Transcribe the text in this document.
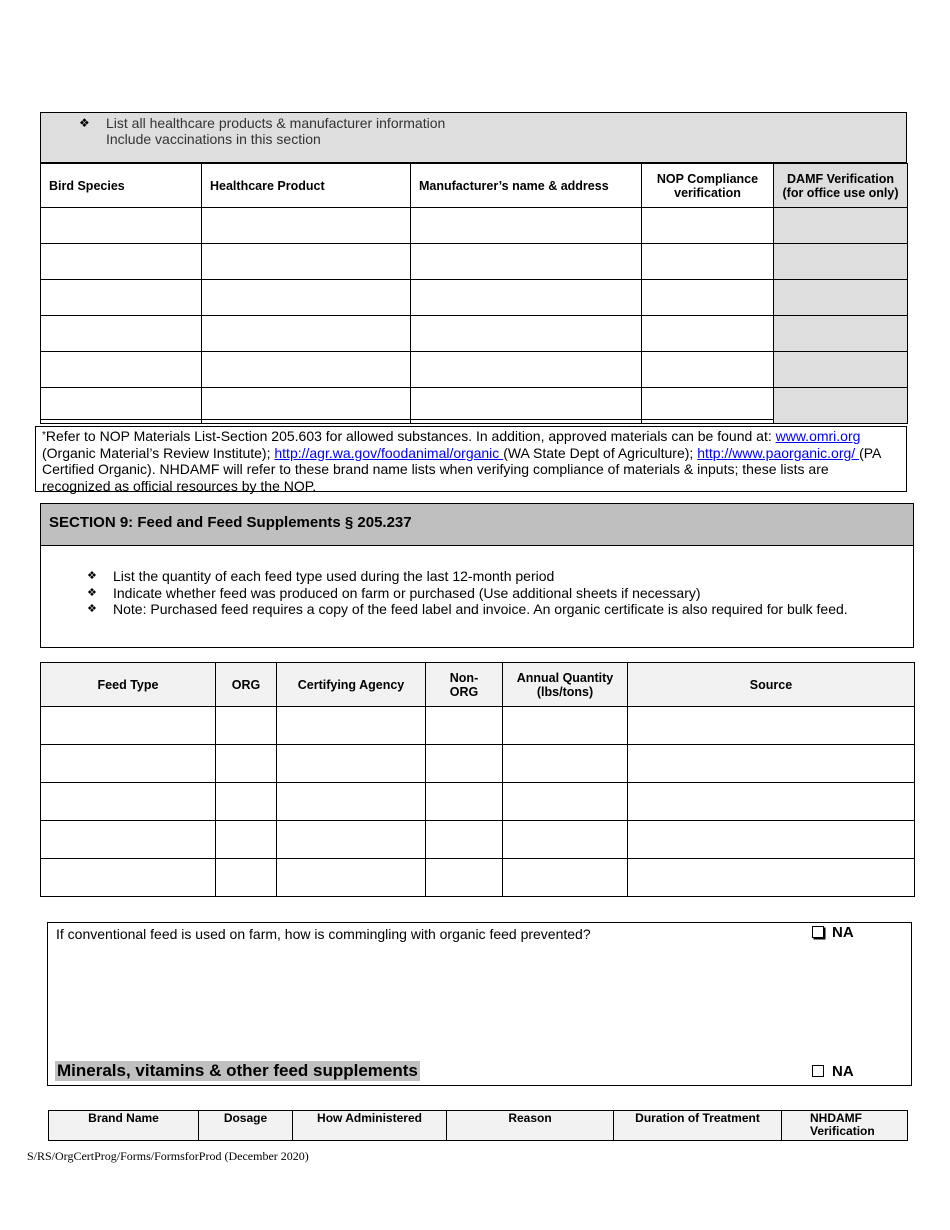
❖ List all healthcare products & manufacturer information
Include vaccinations in this section
Bird Species	Healthcare Product	Manufacturer’s name & address	NOP Compliance verification	DAMF Verification (for office use only)

*Refer to NOP Materials List-Section 205.603 for allowed substances. In addition, approved materials can be found at: www.omri.org
(Organic Material’s Review Institute); http://agr.wa.gov/foodanimal/organic (WA State Dept of Agriculture); http://www.paorganic.org/ (PA Certified Organic). NHDAMF will refer to these brand name lists when verifying compliance of materials & inputs; these lists are recognized as official resources by the NOP.
SECTION 9: Feed and Feed Supplements § 205.237
❖ List the quantity of each feed type used during the last 12-month period
❖ Indicate whether feed was produced on farm or purchased (Use additional sheets if necessary)
❖ Note: Purchased feed requires a copy of the feed label and invoice. An organic certificate is also required for bulk feed.
Feed Type	ORG	Certifying Agency	Non-ORG	Annual Quantity (lbs/tons)	Source

If conventional feed is used on farm, how is commingling with organic feed prevented?	NA
Minerals, vitamins & other feed supplements	NA
Brand Name	Dosage	How Administered	Reason	Duration of Treatment	NHDAMF Verification
S/RS/OrgCertProg/Forms/FormsforProd (December 2020)
